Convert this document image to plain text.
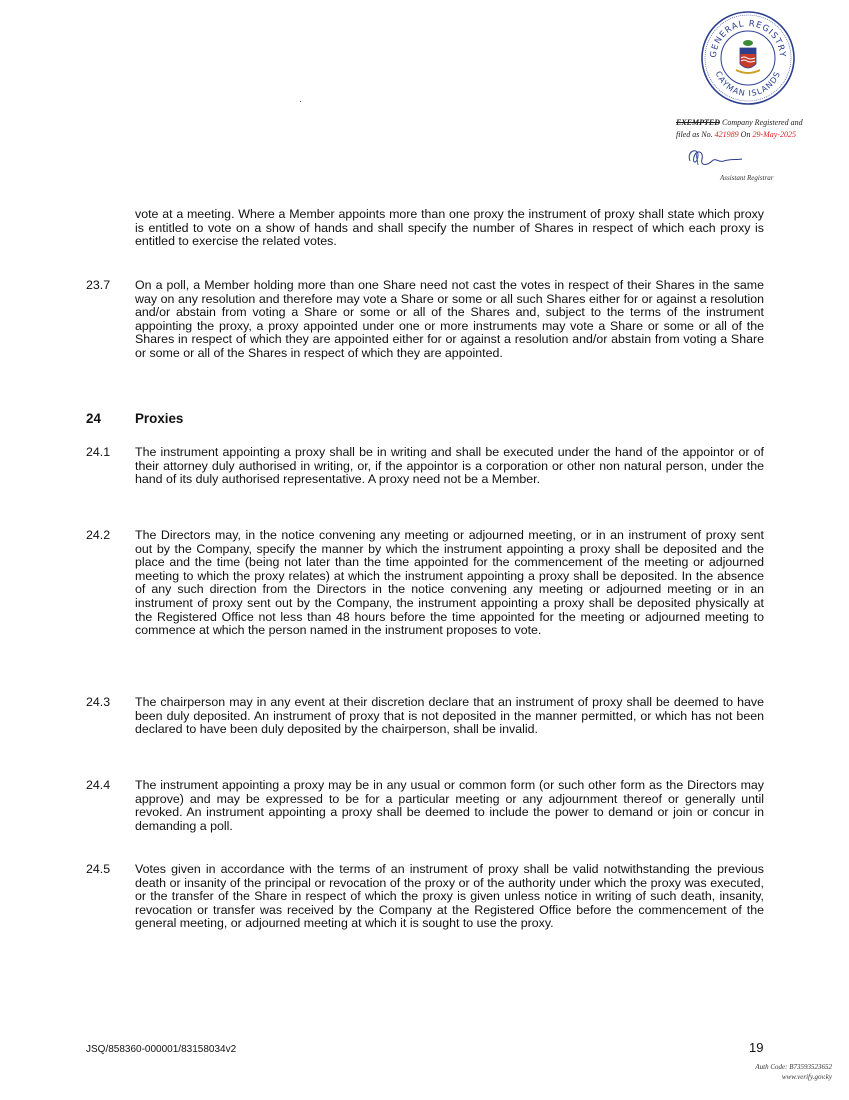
GENERAL REGISTRY
CAYMAN ISLANDS
EXEMPTED Company Registered and
filed as No. 421989 On 29-May-2025
Assistant Registrar
vote at a meeting. Where a Member appoints more than one proxy the instrument of proxy shall state which proxy is entitled to vote on a show of hands and shall specify the number of Shares in respect of which each proxy is entitled to exercise the related votes.
23.7 On a poll, a Member holding more than one Share need not cast the votes in respect of their Shares in the same way on any resolution and therefore may vote a Share or some or all such Shares either for or against a resolution and/or abstain from voting a Share or some or all of the Shares and, subject to the terms of the instrument appointing the proxy, a proxy appointed under one or more instruments may vote a Share or some or all of the Shares in respect of which they are appointed either for or against a resolution and/or abstain from voting a Share or some or all of the Shares in respect of which they are appointed.
24	Proxies
24.1 The instrument appointing a proxy shall be in writing and shall be executed under the hand of the appointor or of their attorney duly authorised in writing, or, if the appointor is a corporation or other non natural person, under the hand of its duly authorised representative. A proxy need not be a Member.
24.2 The Directors may, in the notice convening any meeting or adjourned meeting, or in an instrument of proxy sent out by the Company, specify the manner by which the instrument appointing a proxy shall be deposited and the place and the time (being not later than the time appointed for the commencement of the meeting or adjourned meeting to which the proxy relates) at which the instrument appointing a proxy shall be deposited. In the absence of any such direction from the Directors in the notice convening any meeting or adjourned meeting or in an instrument of proxy sent out by the Company, the instrument appointing a proxy shall be deposited physically at the Registered Office not less than 48 hours before the time appointed for the meeting or adjourned meeting to commence at which the person named in the instrument proposes to vote.
24.3 The chairperson may in any event at their discretion declare that an instrument of proxy shall be deemed to have been duly deposited. An instrument of proxy that is not deposited in the manner permitted, or which has not been declared to have been duly deposited by the chairperson, shall be invalid.
24.4 The instrument appointing a proxy may be in any usual or common form (or such other form as the Directors may approve) and may be expressed to be for a particular meeting or any adjournment thereof or generally until revoked. An instrument appointing a proxy shall be deemed to include the power to demand or join or concur in demanding a poll.
24.5 Votes given in accordance with the terms of an instrument of proxy shall be valid notwithstanding the previous death or insanity of the principal or revocation of the proxy or of the authority under which the proxy was executed, or the transfer of the Share in respect of which the proxy is given unless notice in writing of such death, insanity, revocation or transfer was received by the Company at the Registered Office before the commencement of the general meeting, or adjourned meeting at which it is sought to use the proxy.
JSQ/858360-000001/83158034v2	19
Auth Code: B73593523652
www.verify.gov.ky
